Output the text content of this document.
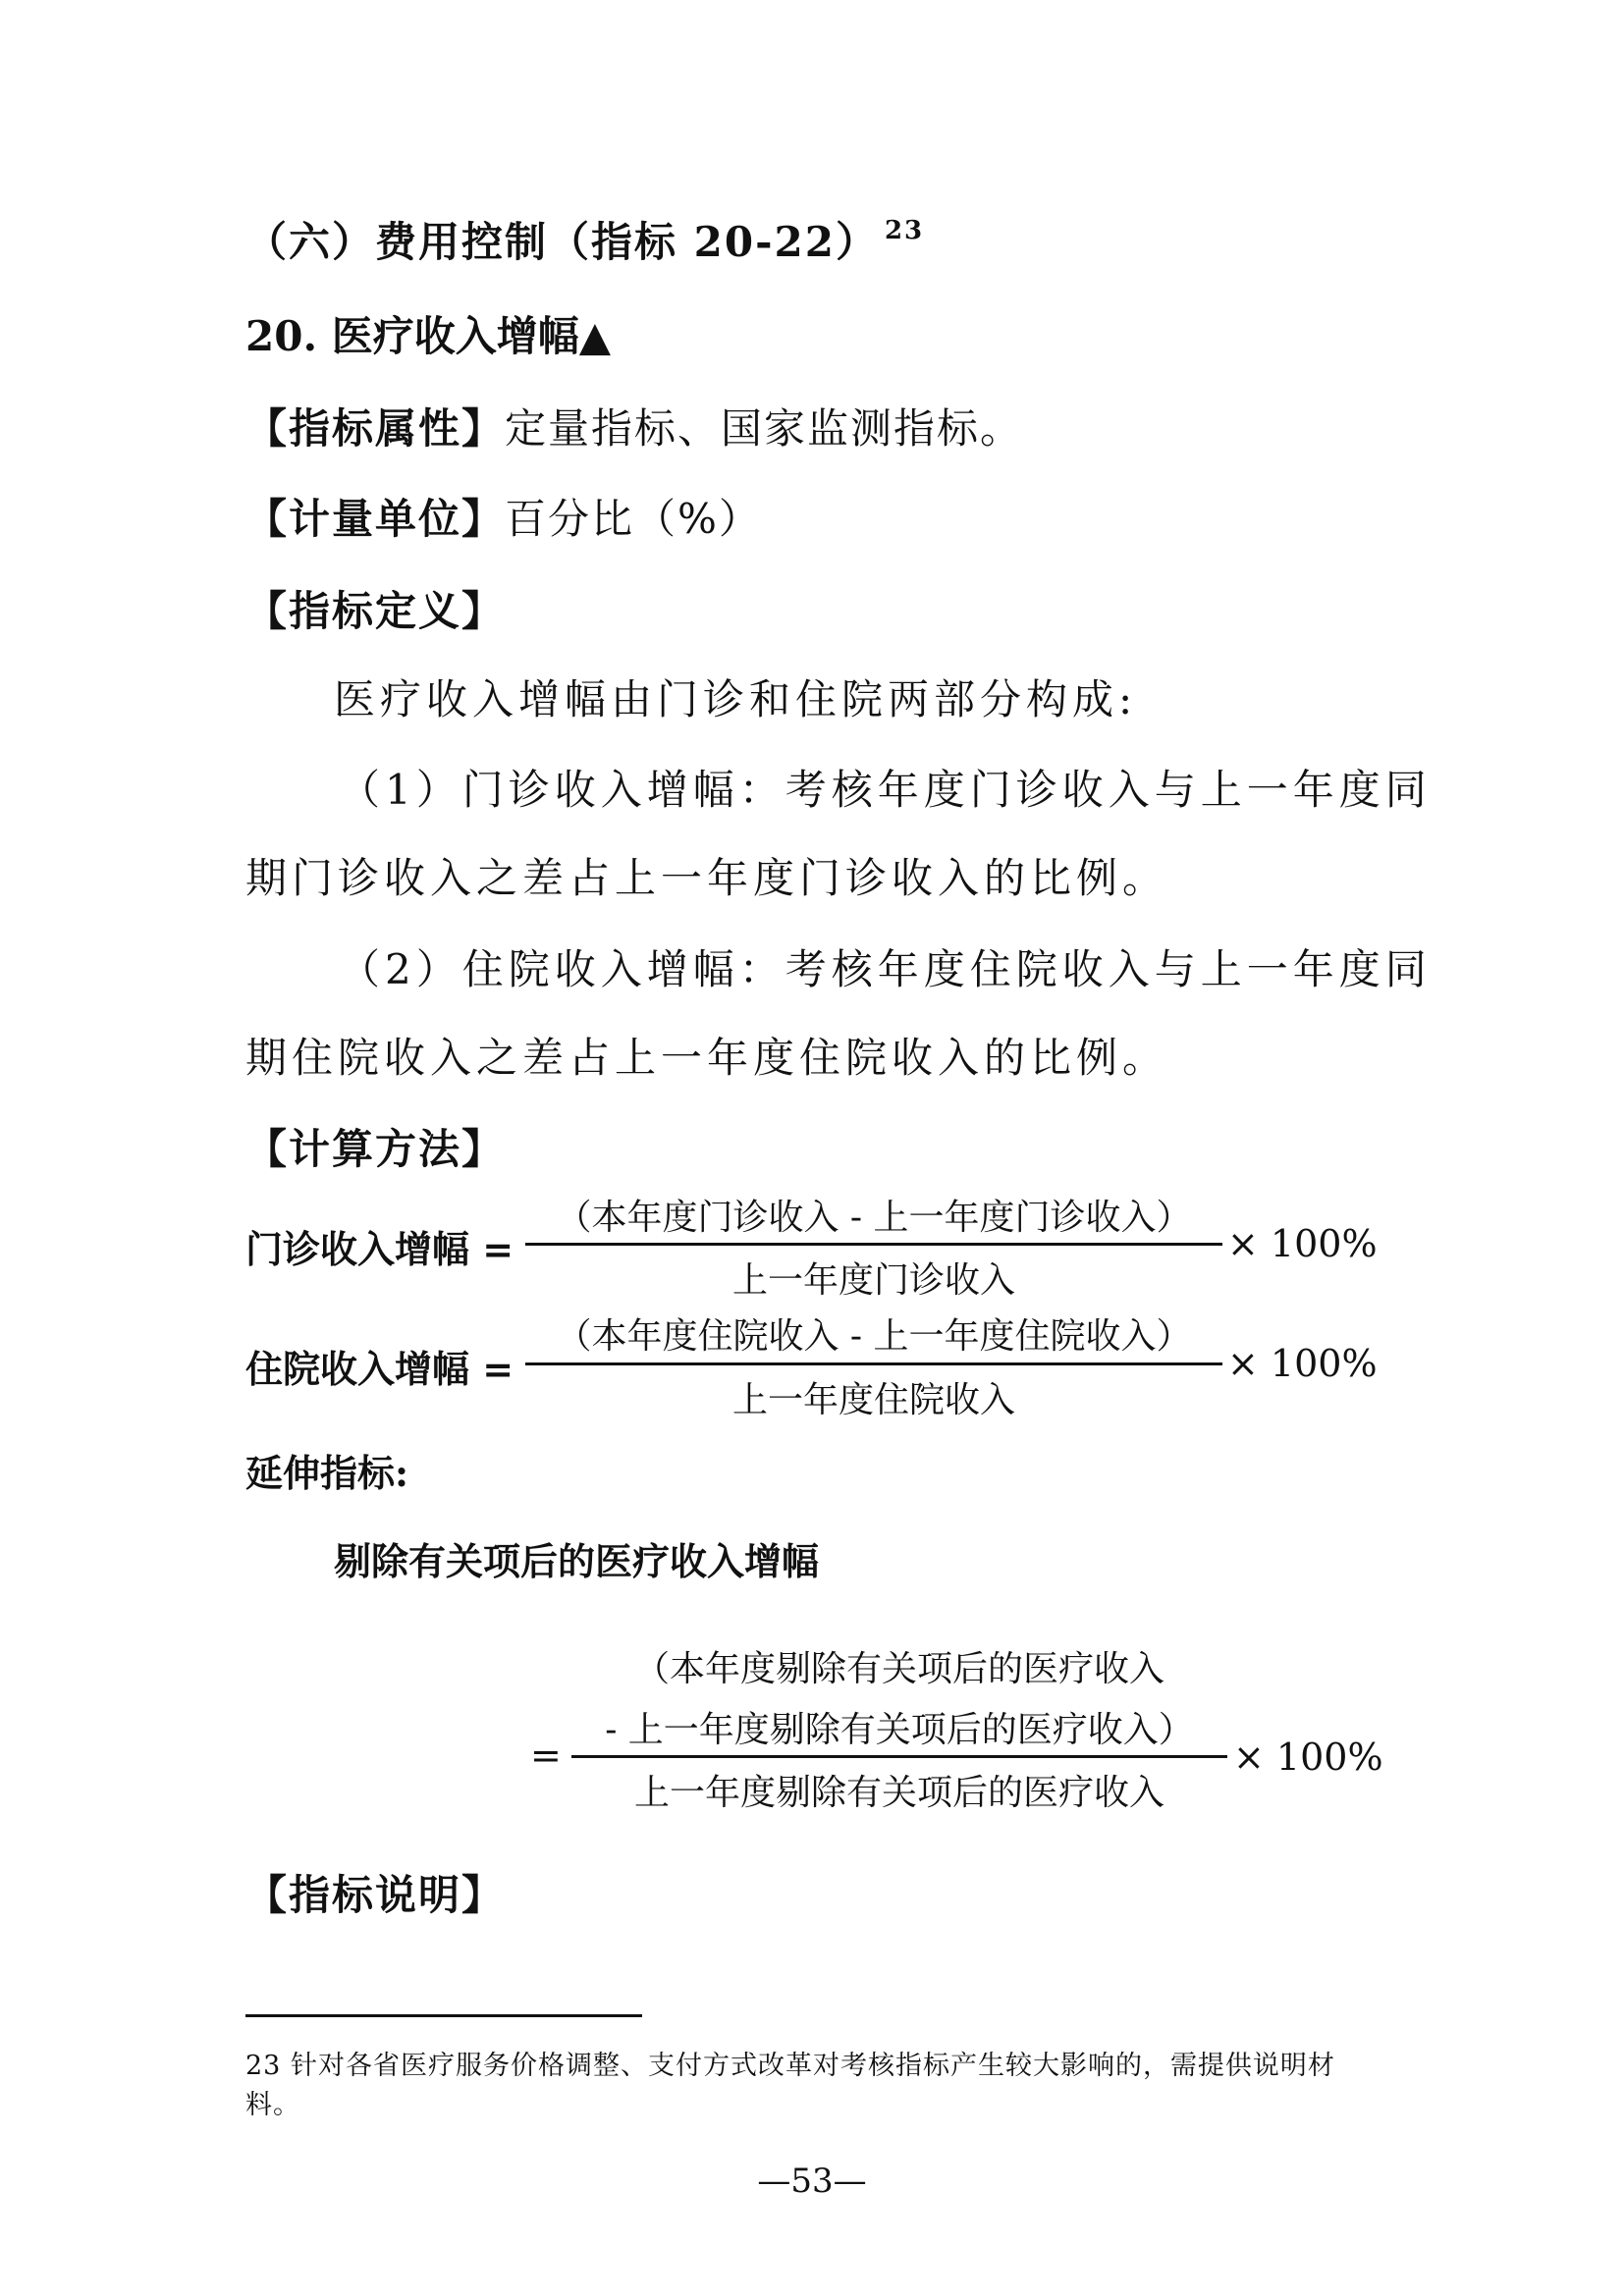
（六）费用控制（指标 20-22） $^{23}$
20. 医疗收入增幅▲
【指标属性】定量指标、国家监测指标。
【计量单位】百分比（%）
【指标定义】
医疗收入增幅由门诊和住院两部分构成:
（1）门诊收入增幅：考核年度门诊收入与上一年度同
期门诊收入之差占上一年度门诊收入的比例。
（2）住院收入增幅：考核年度住院收入与上一年度同
期住院收入之差占上一年度住院收入的比例。
【计算方法】
门诊收入增幅 =
（本年度门诊收入 - 上一年度门诊收入）
上一年度门诊收入
× 100%
住院收入增幅 =
（本年度住院收入 - 上一年度住院收入）
上一年度住院收入
× 100%
延伸指标:
剔除有关项后的医疗收入增幅
=
（本年度剔除有关项后的医疗收入
- 上一年度剔除有关项后的医疗收入）
上一年度剔除有关项后的医疗收入
× 100%
【指标说明】
23 针对各省医疗服务价格调整、支付方式改革对考核指标产生较大影响的，需提供说明材
料。
—53—
